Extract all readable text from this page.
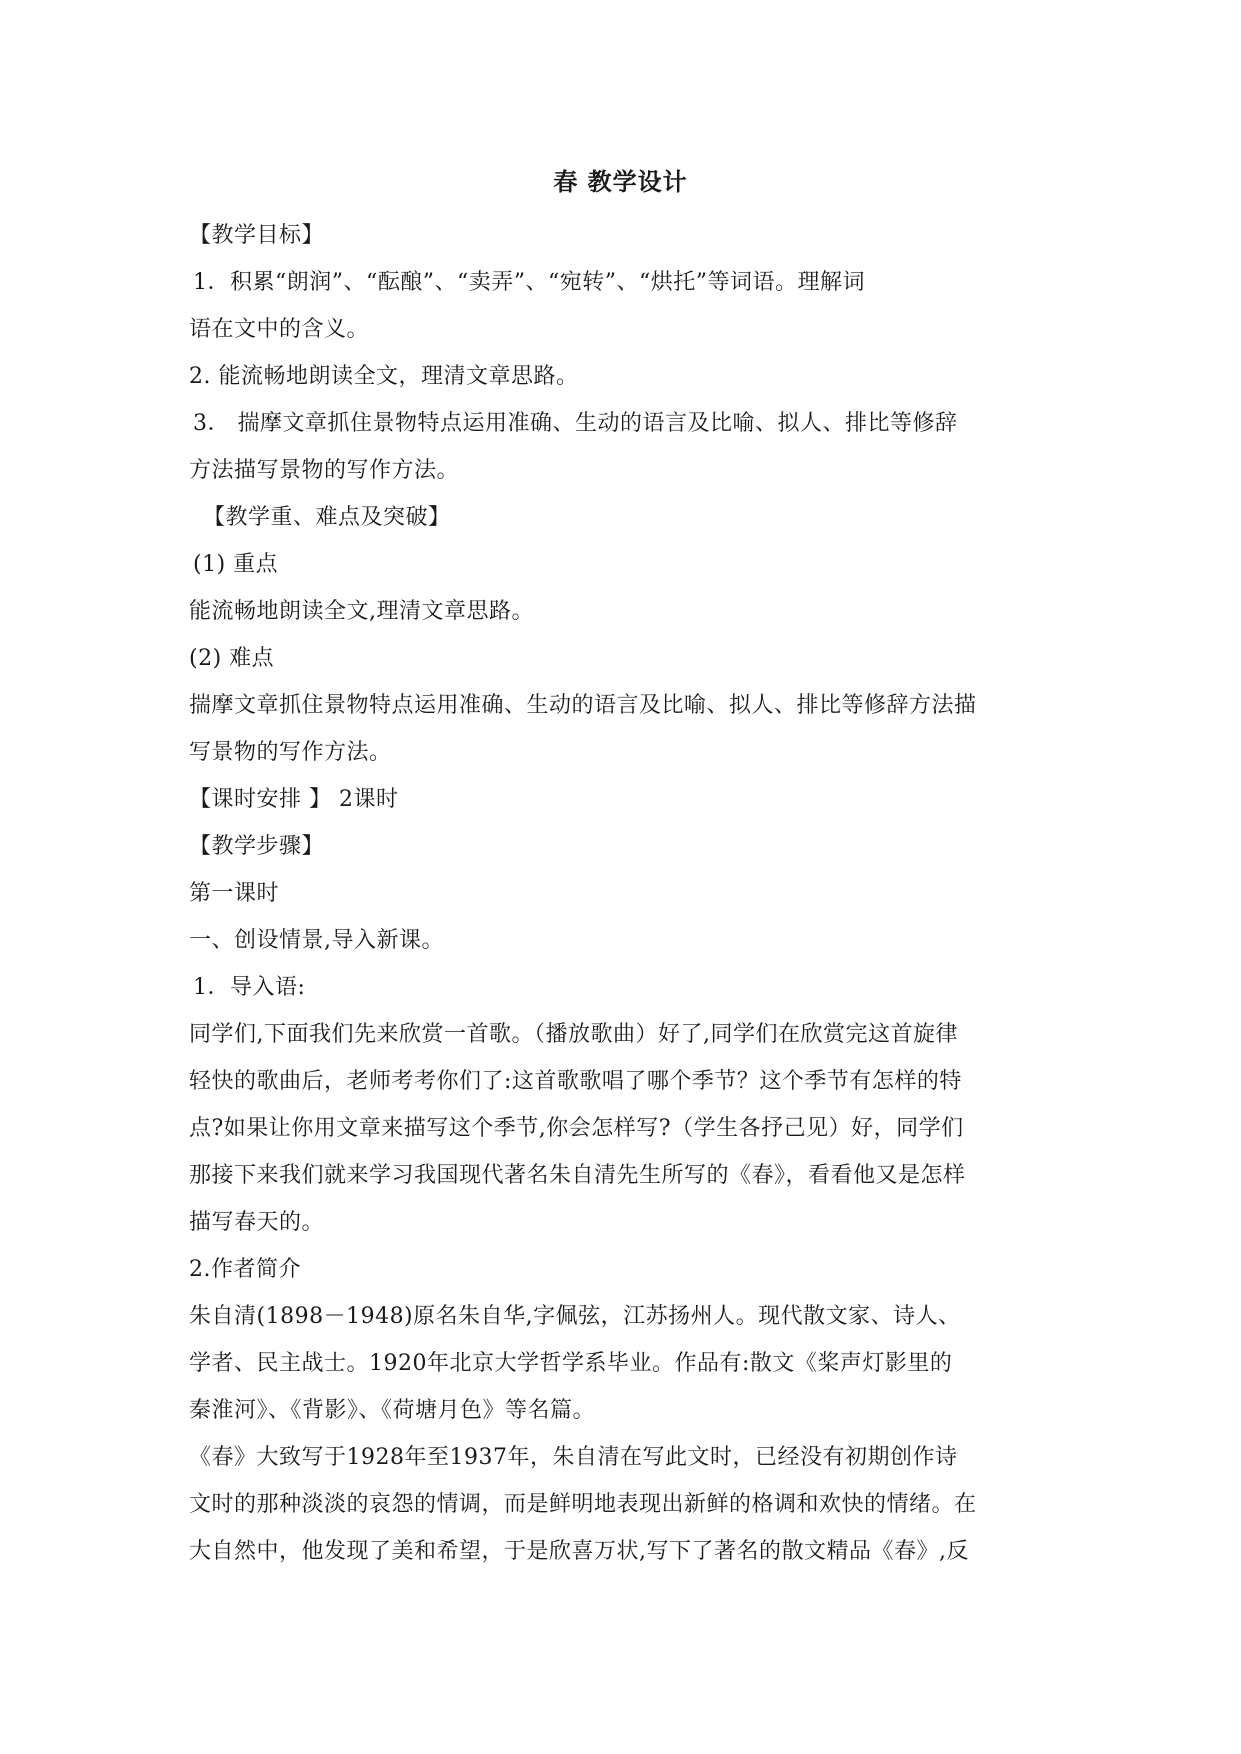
春 教学设计
【教学目标】
1．积累“朗润”、“酝酿”、“卖弄”、“宛转”、“烘托”等词语。理解词
语在文中的含义。
2. 能流畅地朗读全文，理清文章思路。
3． 揣摩文章抓住景物特点运用准确、生动的语言及比喻、拟人、排比等修辞
方法描写景物的写作方法。
【教学重、难点及突破】
(1) 重点
能流畅地朗读全文,理清文章思路。
(2) 难点
揣摩文章抓住景物特点运用准确、生动的语言及比喻、拟人、排比等修辞方法描
写景物的写作方法。
【课时安排 】 2课时
【教学步骤】
第一课时
一、创设情景,导入新课。
1．导入语:
同学们,下面我们先来欣赏一首歌。（播放歌曲）好了,同学们在欣赏完这首旋律
轻快的歌曲后，老师考考你们了:这首歌歌唱了哪个季节？这个季节有怎样的特
点?如果让你用文章来描写这个季节,你会怎样写?（学生各抒己见）好，同学们
那接下来我们就来学习我国现代著名朱自清先生所写的《春》，看看他又是怎样
描写春天的。
2.作者简介
朱自清(1898－1948)原名朱自华,字佩弦，江苏扬州人。现代散文家、诗人、
学者、民主战士。1920年北京大学哲学系毕业。作品有:散文《桨声灯影里的
秦淮河》、《背影》、《荷塘月色》等名篇。
《春》大致写于1928年至1937年，朱自清在写此文时，已经没有初期创作诗
文时的那种淡淡的哀怨的情调，而是鲜明地表现出新鲜的格调和欢快的情绪。在
大自然中，他发现了美和希望，于是欣喜万状,写下了著名的散文精品《春》,反
